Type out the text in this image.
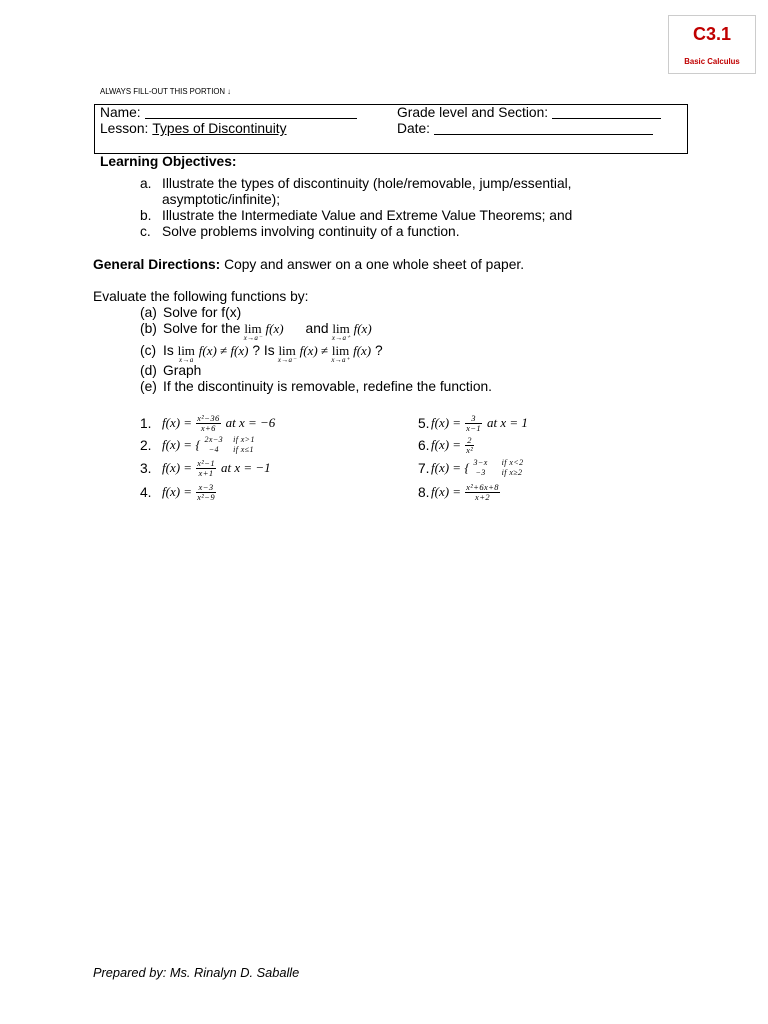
C3.1
Basic Calculus
ALWAYS FILL-OUT THIS PORTION ↓
Name:	Grade level and Section:
Lesson: Types of Discontinuity	Date:
Learning Objectives:
a. Illustrate the types of discontinuity (hole/removable, jump/essential, asymptotic/infinite);
b. Illustrate the Intermediate Value and Extreme Value Theorems; and
c. Solve problems involving continuity of a function.
General Directions: Copy and answer on a one whole sheet of paper.
Evaluate the following functions by:
(a) Solve for f(x)
(b) Solve for the lim
x→a⁻
f(x) and lim
x→a⁺
f(x)
(c) Is lim
x→a
f(x) ≠ f(x) ? Is lim
x→a⁻
f(x) ≠ lim
x→a⁺
f(x) ?
(d) Graph
(e) If the discontinuity is removable, redefine the function.
1. $f(x) = \frac{\text{x²−36}}{x+6}$ at x = −6
2. f(x) = { 2x−3
−4
if x>1
if x≤1
3. $f(x) = \frac{\text{x²−1}}{x+1}$ at x = −1
4. $f(x) = \frac{x-3}{\text{x²−9}}$
5. $f(x) = \frac{3}{x-1}$ at x = 1
6. $f(x) = \frac{2}{\text{x²}}$
7. f(x) = { 3−x
−3
if x<2
if x≥2
8. $f(x) = \frac{\text{x²+6x+8}}{x+2}$
Prepared by: Ms. Rinalyn D. Saballe
